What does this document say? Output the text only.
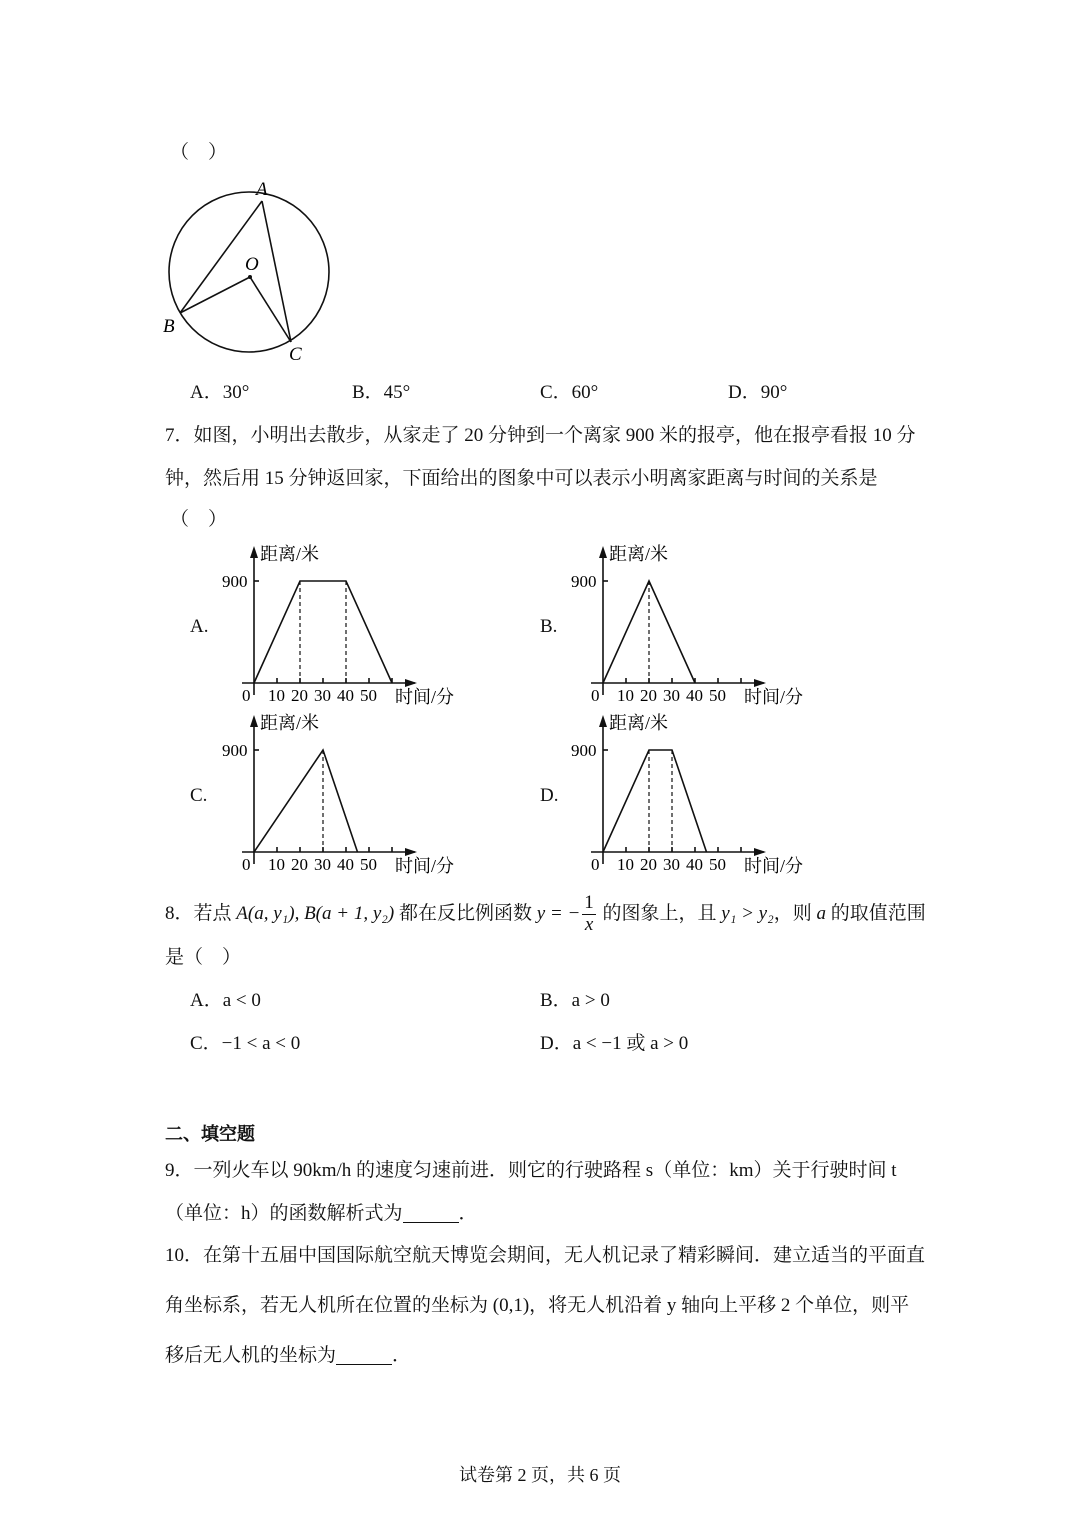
（　）
A
O
B
C
A．30°	B．45°	C．60°	D．90°
7．如图，小明出去散步，从家走了 20 分钟到一个离家 900 米的报亭，他在报亭看报 10 分
钟，然后用 15 分钟返回家，下面给出的图象中可以表示小明离家距离与时间的关系是
（　）
A.	B.
C.	D.
900
距离/米
0 10 20 30 40 50 时间/分
900
距离/米
0 10 20 30 40 50 时间/分
900
距离/米
0 10 20 30 40 50 时间/分
900
距离/米
0 10 20 30 40 50 时间/分
8．若点 A(a, y₁), B(a + 1, y₂) 都在反比例函数 y = − $\frac{1}{x}$ 的图象上，且 y₁ > y₂，则 a 的取值范围
是（　）
A．a < 0	B．a > 0
C．−1 < a < 0	D．a < −1 或 a > 0
二、填空题
9．一列火车以 90km/h 的速度匀速前进．则它的行驶路程 s（单位：km）关于行驶时间 t
（单位：h）的函数解析式为	．
10．在第十五届中国国际航空航天博览会期间，无人机记录了精彩瞬间．建立适当的平面直
角坐标系，若无人机所在位置的坐标为 (0,1)，将无人机沿着 y 轴向上平移 2 个单位，则平
移后无人机的坐标为	．
试卷第 2 页，共 6 页
